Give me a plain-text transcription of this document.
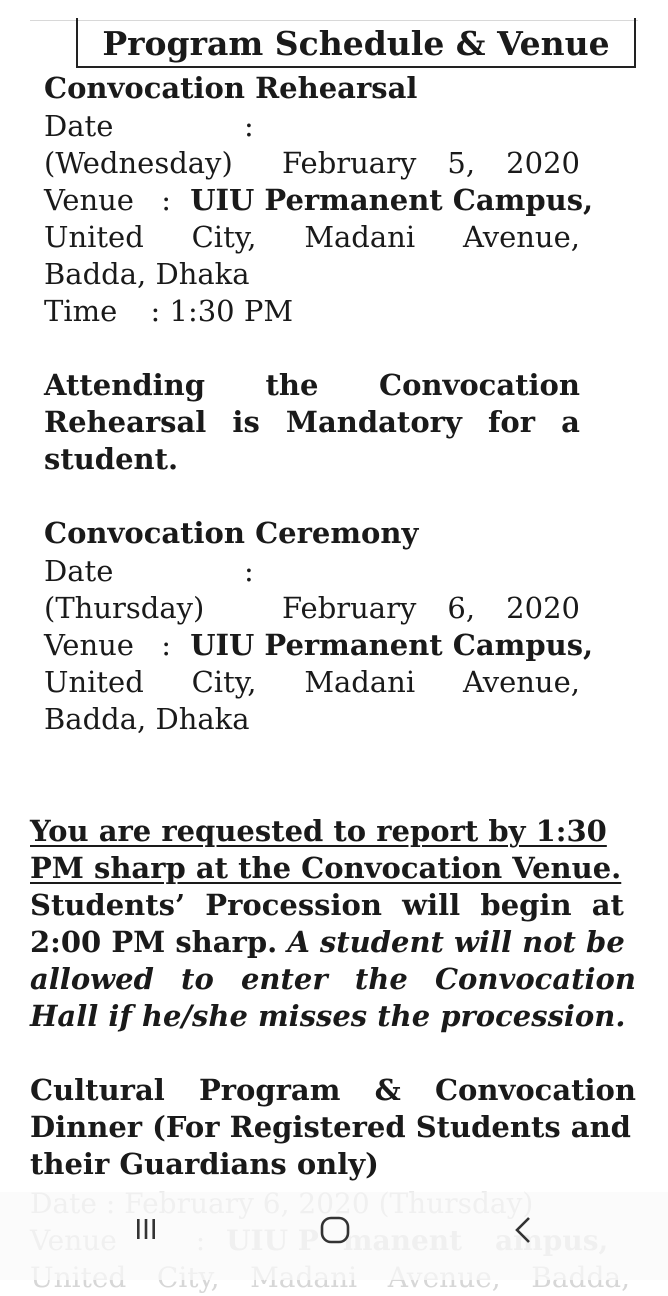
Program Schedule & Venue
Convocation Rehearsal
Date	:
February 5, 2020
(Wednesday)
Venue : UIU Permanent Campus,
United City, Madani Avenue,
Badda, Dhaka
Time : 1:30 PM
Attending the Convocation
Rehearsal is Mandatory for a
student.
Convocation Ceremony
Date	:
February 6, 2020
(Thursday)
Venue : UIU Permanent Campus,
United City, Madani Avenue,
Badda, Dhaka
You are requested to report by 1:30
PM sharp at the Convocation Venue.
Students’ Procession will begin at
2:00 PM sharp. A student will not be
allowed to enter the Convocation
Hall if he/she misses the procession.
Cultural Program & Convocation
Dinner (For Registered Students and
their Guardians only)
